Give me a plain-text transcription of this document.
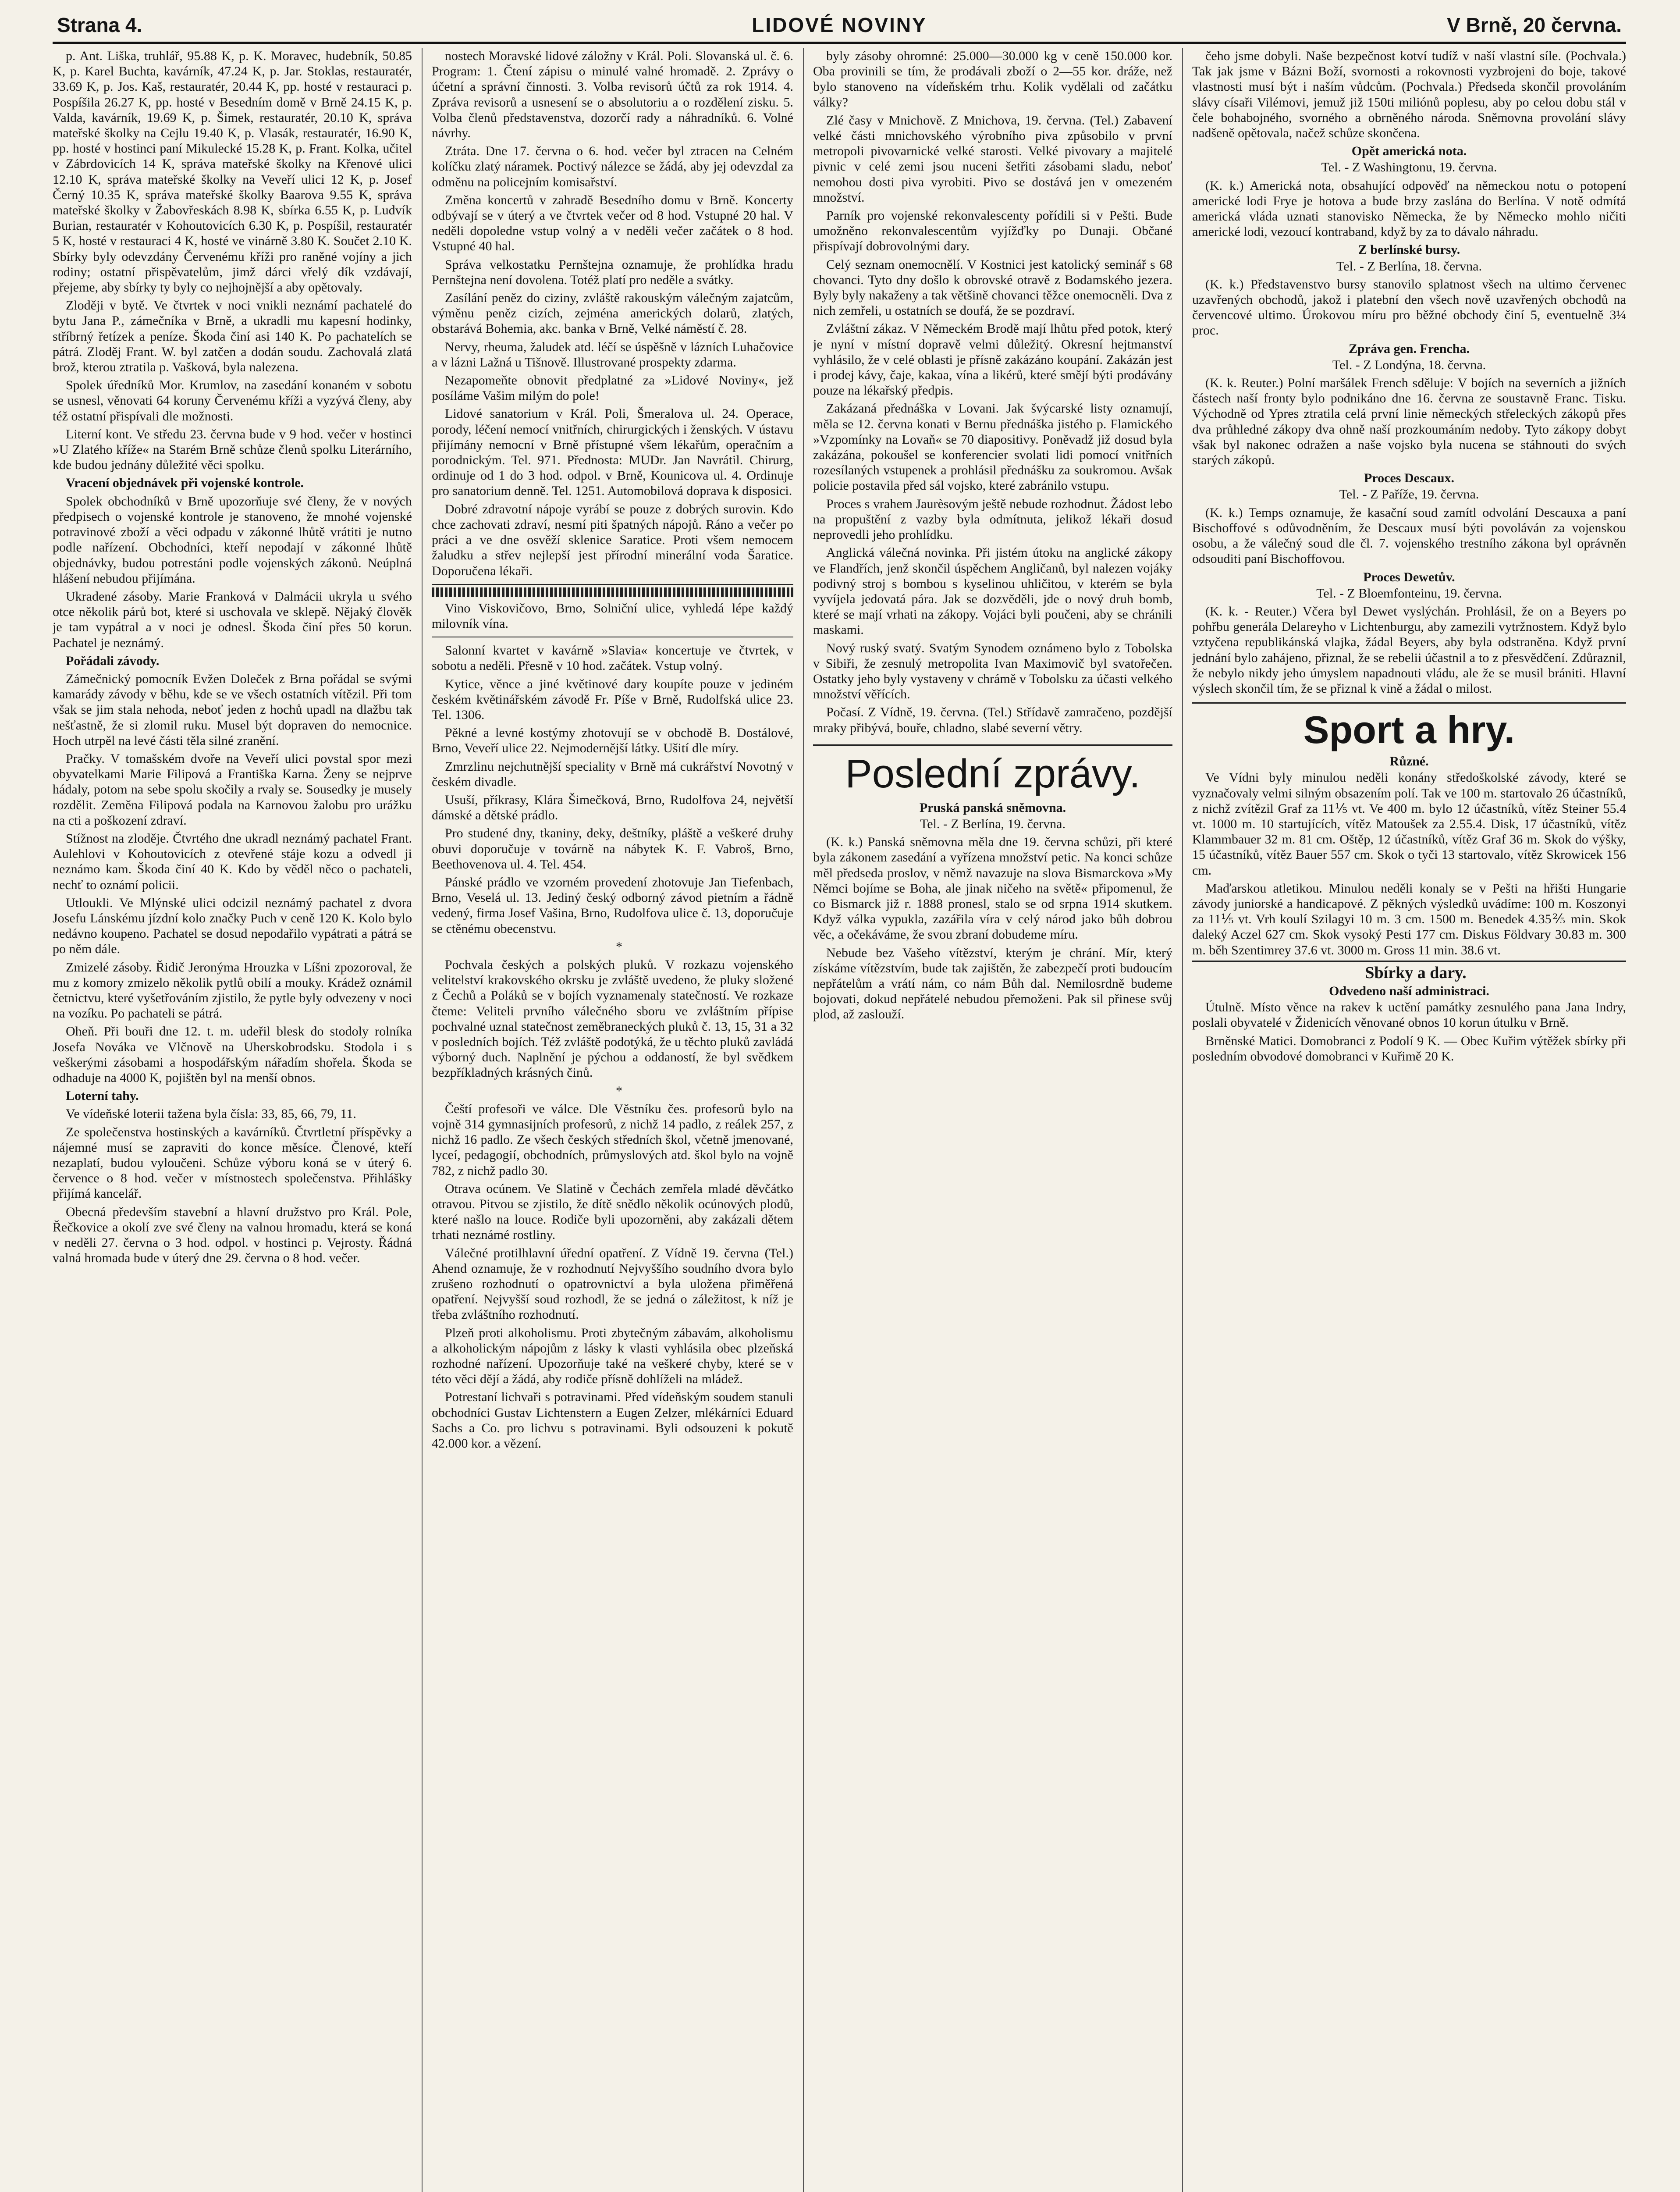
Strana 4.	LIDOVÉ NOVINY	V Brně, 20 června.

p. Ant. Liška, truhlář, 95.88 K, p. K. Moravec, hudebník, 50.85 K, p. Karel Buchta, kavárník, 47.24 K, p. Jar. Stoklas, restauratér, 33.69 K, p. Jos. Kaš, restauratér, 20.44 K, pp. hosté v restauraci p. Pospíšila 26.27 K, pp. hosté v Besedním domě v Brně 24.15 K, p. Valda, kavárník, 19.69 K, p. Šimek, restauratér, 20.10 K, správa mateřské školky na Cejlu 19.40 K, p. Vlasák, restauratér, 16.90 K, pp. hosté v hostinci paní Mikulecké 15.28 K, p. Frant. Kolka, učitel v Zábrdovicích 14 K, správa mateřské školky na Křenové ulici 12.10 K, správa mateřské školky na Veveří ulici 12 K, p. Josef Černý 10.35 K, správa mateřské školky Baarova 9.55 K, správa mateřské školky v Žabovřeskách 8.98 K, sbírka 6.55 K, p. Ludvík Burian, restauratér v Kohoutovicích 6.30 K, p. Pospíšil, restauratér 5 K, hosté v restauraci 4 K, hosté ve vinárně 3.80 K. Součet 2.10 K. Sbírky byly odevzdány Červenému kříži pro raněné vojíny a jich rodiny; ostatní přispěvatelům, jimž dárci vřelý dík vzdávají, přejeme, aby sbírky ty byly co nejhojnější a aby opětovaly.

Zloději v bytě. Ve čtvrtek v noci vnikli neznámí pachatelé do bytu Jana P., zámečníka v Brně, a ukradli mu kapesní hodinky, stříbrný řetízek a peníze. Škoda činí asi 140 K. Po pachatelích se pátrá. Zloděj Frant. W. byl zatčen a dodán soudu. Zachovalá zlatá brož, kterou ztratila p. Vašková, byla nalezena.

Spolek úředníků Mor. Krumlov, na zasedání konaném v sobotu se usnesl, věnovati 64 koruny Červenému kříži a vyzývá členy, aby též ostatní přispívali dle možnosti.

Literní kont. Ve středu 23. června bude v 9 hod. večer v hostinci »U Zlatého kříže« na Starém Brně schůze členů spolku Literárního, kde budou jednány důležité věci spolku.

Vracení objednávek při vojenské kontrole.

Spolek obchodníků v Brně upozorňuje své členy, že v nových předpisech o vojenské kontrole je stanoveno, že mnohé vojenské potravinové zboží a věci odpadu v zákonné lhůtě vrátiti je nutno podle nařízení. Obchodníci, kteří nepodají v zákonné lhůtě objednávky, budou potrestáni podle vojenských zákonů. Neúplná hlášení nebudou přijímána.

Ukradené zásoby. Marie Franková v Dalmácii ukryla u svého otce několik párů bot, které si uschovala ve sklepě. Nějaký člověk je tam vypátral a v noci je odnesl. Škoda činí přes 50 korun. Pachatel je neznámý.

Pořádali závody.

Zámečnický pomocník Evžen Doleček z Brna pořádal se svými kamarády závody v běhu, kde se ve všech ostatních vítězil. Při tom však se jim stala nehoda, neboť jeden z hochů upadl na dlažbu tak nešťastně, že si zlomil ruku. Musel být dopraven do nemocnice. Hoch utrpěl na levé části těla silné zranění.

Pračky. V tomašském dvoře na Veveří ulici povstal spor mezi obyvatelkami Marie Filipová a Františka Karna. Ženy se nejprve hádaly, potom na sebe spolu skočily a rvaly se. Sousedky je musely rozdělit. Zeměna Filipová podala na Karnovou žalobu pro urážku na cti a poškození zdraví.

Stížnost na zloděje. Čtvrtého dne ukradl neznámý pachatel Frant. Aulehlovi v Kohoutovicích z otevřené stáje kozu a odvedl ji neznámo kam. Škoda činí 40 K. Kdo by věděl něco o pachateli, nechť to oznámí policii.

Utloukli. Ve Mlýnské ulici odcizil neznámý pachatel z dvora Josefu Lánskému jízdní kolo značky Puch v ceně 120 K. Kolo bylo nedávno koupeno. Pachatel se dosud nepodařilo vypátrati a pátrá se po něm dále.

Zmizelé zásoby. Řidič Jeronýma Hrouzka v Líšni zpozoroval, že mu z komory zmizelo několik pytlů obilí a mouky. Krádež oznámil četnictvu, které vyšetřováním zjistilo, že pytle byly odvezeny v noci na vozíku. Po pachateli se pátrá.

Oheň. Při bouři dne 12. t. m. udeřil blesk do stodoly rolníka Josefa Nováka ve Vlčnově na Uherskobrodsku. Stodola i s veškerými zásobami a hospodářským nářadím shořela. Škoda se odhaduje na 4000 K, pojištěn byl na menší obnos.

Loterní tahy.

Ve vídeňské loterii tažena byla čísla: 33, 85, 66, 79, 11.

Ze společenstva hostinských a kavárníků. Čtvrtletní příspěvky a nájemné musí se zapraviti do konce měsíce. Členové, kteří nezaplatí, budou vyloučeni. Schůze výboru koná se v úterý 6. července o 8 hod. večer v místnostech společenstva. Přihlášky přijímá kancelář.

Obecná především stavební a hlavní družstvo pro Král. Pole, Řečkovice a okolí zve své členy na valnou hromadu, která se koná v neděli 27. června o 3 hod. odpol. v hostinci p. Vejrosty. Řádná valná hromada bude v úterý dne 29. června o 8 hod. večer.

nostech Moravské lidové záložny v Král. Poli. Slovanská ul. č. 6. Program: 1. Čtení zápisu o minulé valné hromadě. 2. Zprávy o účetní a správní činnosti. 3. Volba revisorů účtů za rok 1914. 4. Zpráva revisorů a usnesení se o absolutoriu a o rozdělení zisku. 5. Volba členů představenstva, dozorčí rady a náhradníků. 6. Volné návrhy.

Ztráta. Dne 17. června o 6. hod. večer byl ztracen na Celném kolíčku zlatý náramek. Poctivý nálezce se žádá, aby jej odevzdal za odměnu na policejním komisařství.

Změna koncertů v zahradě Besedního domu v Brně. Koncerty odbývají se v úterý a ve čtvrtek večer od 8 hod. Vstupné 20 hal. V neděli dopoledne vstup volný a v neděli večer začátek o 8 hod. Vstupné 40 hal.

Správa velkostatku Pernštejna oznamuje, že prohlídka hradu Pernštejna není dovolena. Totéž platí pro neděle a svátky.

Zasílání peněz do ciziny, zvláště rakouským válečným zajatcům, výměnu peněz cizích, zejména amerických dolarů, zlatých, obstarává Bohemia, akc. banka v Brně, Velké náměstí č. 28.

Nervy, rheuma, žaludek atd. léčí se úspěšně v lázních Luhačovice a v lázni Lažná u Tišnově. Illustrované prospekty zdarma.

Nezapomeňte obnovit předplatné za »Lidové Noviny«, jež posíláme Vašim milým do pole!

Lidové sanatorium v Král. Poli, Šmeralova ul. 24. Operace, porody, léčení nemocí vnitřních, chirurgických i ženských. V ústavu přijímány nemocní v Brně přístupné všem lékařům, operačním a porodnickým. Tel. 971. Přednosta: MUDr. Jan Navrátil. Chirurg, ordinuje od 1 do 3 hod. odpol. v Brně, Kounicova ul. 4. Ordinuje pro sanatorium denně. Tel. 1251. Automobilová doprava k disposici.

Dobré zdravotní nápoje vyrábí se pouze z dobrých surovin. Kdo chce zachovati zdraví, nesmí piti špatných nápojů. Ráno a večer po práci a ve dne osvěží sklenice Saratice. Proti všem nemocem žaludku a střev nejlepší jest přírodní minerální voda Šaratice. Doporučena lékaři.

Vino Viskovičovo, Brno, Solniční ulice, vyhledá lépe každý milovník vína.

Salonní kvartet v kavárně »Slavia« koncertuje ve čtvrtek, v sobotu a neděli. Přesně v 10 hod. začátek. Vstup volný.

Kytice, věnce a jiné květinové dary koupíte pouze v jediném českém květinářském závodě Fr. Píše v Brně, Rudolfská ulice 23. Tel. 1306.

Pěkné a levné kostýmy zhotovují se v obchodě B. Dostálové, Brno, Veveří ulice 22. Nejmodernější látky. Ušití dle míry.

Zmrzlinu nejchutnější speciality v Brně má cukrářství Novotný v českém divadle.

Usuší, příkrasy, Klára Šimečková, Brno, Rudolfova 24, největší dámské a dětské prádlo.

Pro studené dny, tkaniny, deky, deštníky, pláště a veškeré druhy obuvi doporučuje v továrně na nábytek K. F. Vabroš, Brno, Beethovenova ul. 4. Tel. 454.

Pánské prádlo ve vzorném provedení zhotovuje Jan Tiefenbach, Brno, Veselá ul. 13. Jediný český odborný závod pietním a řádně vedený, firma Josef Vašina, Brno, Rudolfova ulice č. 13, doporučuje se ctěnému obecenstvu.

*

Pochvala českých a polských pluků. V rozkazu vojenského velitelství krakovského okrsku je zvláště uvedeno, že pluky složené z Čechů a Poláků se v bojích vyznamenaly statečností. Ve rozkaze čteme: Veliteli prvního válečného sboru ve zvláštním přípise pochvalné uznal statečnost zeměbraneckých pluků č. 13, 15, 31 a 32 v posledních bojích. Též zvláště podotýká, že u těchto pluků zavládá výborný duch. Naplnění je pýchou a oddaností, že byl svědkem bezpříkladných krásných činů.

*

Čeští profesoři ve válce. Dle Věstníku čes. profesorů bylo na vojně 314 gymnasijních profesorů, z nichž 14 padlo, z reálek 257, z nichž 16 padlo. Ze všech českých středních škol, včetně jmenované, lyceí, pedagogií, obchodních, průmyslových atd. škol bylo na vojně 782, z nichž padlo 30.

Otrava ocúnem. Ve Slatině v Čechách zemřela mladé děvčátko otravou. Pitvou se zjistilo, že dítě snědlo několik ocúnových plodů, které našlo na louce. Rodiče byli upozorněni, aby zakázali dětem trhati neznámé rostliny.

Válečné protilhlavní úřední opatření. Z Vídně 19. června (Tel.) Ahend oznamuje, že v rozhodnutí Nejvyššího soudního dvora bylo zrušeno rozhodnutí o opatrovnictví a byla uložena přiměřená opatření. Nejvyšší soud rozhodl, že se jedná o záležitost, k níž je třeba zvláštního rozhodnutí.

Plzeň proti alkoholismu. Proti zbytečným zábavám, alkoholismu a alkoholickým nápojům z lásky k vlasti vyhlásila obec plzeňská rozhodné nařízení. Upozorňuje také na veškeré chyby, které se v této věci dějí a žádá, aby rodiče přísně dohlíželi na mládež.

Potrestaní lichvaři s potravinami. Před vídeňským soudem stanuli obchodníci Gustav Lichtenstern a Eugen Zelzer, mlékárníci Eduard Sachs a Co. pro lichvu s potravinami. Byli odsouzeni k pokutě 42.000 kor. a vězení.

byly zásoby ohromné: 25.000—30.000 kg v ceně 150.000 kor. Oba provinili se tím, že prodávali zboží o 2—55 kor. dráže, než bylo stanoveno na vídeňském trhu. Kolik vydělali od začátku války?

Zlé časy v Mnichově. Z Mnichova, 19. června. (Tel.) Zabavení velké části mnichovského výrobního piva způsobilo v první metropoli pivovarnické velké starosti. Velké pivovary a majitelé pivnic v celé zemi jsou nuceni šetřiti zásobami sladu, neboť nemohou dosti piva vyrobiti. Pivo se dostává jen v omezeném množství.

Parník pro vojenské rekonvalescenty pořídili si v Pešti. Bude umožněno rekonvalescentům vyjížďky po Dunaji. Občané přispívají dobrovolnými dary.

Celý seznam onemocnělí. V Kostnici jest katolický seminář s 68 chovanci. Tyto dny došlo k obrovské otravě z Bodamského jezera. Byly byly nakaženy a tak většině chovanci těžce onemocněli. Dva z nich zemřeli, u ostatních se doufá, že se pozdraví.

Zvláštní zákaz. V Německém Brodě mají lhůtu před potok, který je nyní v místní dopravě velmi důležitý. Okresní hejtmanství vyhlásilo, že v celé oblasti je přísně zakázáno koupání. Zakázán jest i prodej kávy, čaje, kakaa, vína a likérů, které smějí býti prodávány pouze na lékařský předpis.

Zakázaná přednáška v Lovani. Jak švýcarské listy oznamují, měla se 12. června konati v Bernu přednáška jistého p. Flamického »Vzpomínky na Lovaň« se 70 diapositivy. Poněvadž již dosud byla zakázána, pokoušel se konferencier svolati lidi pomocí vnitřních rozesílaných vstupenek a prohlásil přednášku za soukromou. Avšak policie postavila před sál vojsko, které zabránilo vstupu.

Proces s vrahem Jaurèsovým ještě nebude rozhodnut. Žádost lebo na propuštění z vazby byla odmítnuta, jelikož lékaři dosud neprovedli jeho prohlídku.

Anglická válečná novinka. Při jistém útoku na anglické zákopy ve Flandřích, jenž skončil úspěchem Angličanů, byl nalezen vojáky podivný stroj s bombou s kyselinou uhličitou, v kterém se byla vyvíjela jedovatá pára. Jak se dozvěděli, jde o nový druh bomb, které se mají vrhati na zákopy. Vojáci byli poučeni, aby se chránili maskami.

Nový ruský svatý. Svatým Synodem oznámeno bylo z Tobolska v Sibiři, že zesnulý metropolita Ivan Maximovič byl svatořečen. Ostatky jeho byly vystaveny v chrámě v Tobolsku za účasti velkého množství věřících.

Počasí. Z Vídně, 19. června. (Tel.) Střídavě zamračeno, pozdější mraky přibývá, bouře, chladno, slabé severní větry.

Poslední zprávy.

Pruská panská sněmovna.

Tel. - Z Berlína, 19. června.

(K. k.) Panská sněmovna měla dne 19. června schůzi, při které byla zákonem zasedání a vyřízena množství petic. Na konci schůze měl předseda proslov, v němž navazuje na slova Bismarckova »My Němci bojíme se Boha, ale jinak ničeho na světě« připomenul, že co Bismarck již r. 1888 pronesl, stalo se od srpna 1914 skutkem. Když válka vypukla, zazářila víra v celý národ jako bůh dobrou věc, a očekáváme, že svou zbraní dobudeme míru.

Nebude bez Vašeho vítězství, kterým je chrání. Mír, který získáme vítězstvím, bude tak zajištěn, že zabezpečí proti budoucím nepřátelům a vrátí nám, co nám Bůh dal. Nemilosrdně budeme bojovati, dokud nepřátelé nebudou přemoženi. Pak sil přinese svůj plod, až zaslouží.

čeho jsme dobyli. Naše bezpečnost kotví tudíž v naší vlastní síle. (Pochvala.) Tak jak jsme v Bázni Boží, svornosti a rokovnosti vyzbrojeni do boje, takové vlastnosti musí být i naším vůdcům. (Pochvala.) Předseda skončil provoláním slávy císaři Vilémovi, jemuž již 150ti miliónů poplesu, aby po celou dobu stál v čele bohabojného, svorného a obrněného národa. Sněmovna provolání slávy nadšeně opětovala, načež schůze skončena.

Opět americká nota.

Tel. - Z Washingtonu, 19. června.

(K. k.) Americká nota, obsahující odpověď na německou notu o potopení americké lodi Frye je hotova a bude brzy zaslána do Berlína. V notě odmítá americká vláda uznati stanovisko Německa, že by Německo mohlo ničiti americké lodi, vezoucí kontraband, když by za to dávalo náhradu.

Z berlínské bursy.

Tel. - Z Berlína, 18. června.

(K. k.) Představenstvo bursy stanovilo splatnost všech na ultimo červenec uzavřených obchodů, jakož i platební den všech nově uzavřených obchodů na červencové ultimo. Úrokovou míru pro běžné obchody činí 5, eventuelně 3¼ proc.

Zpráva gen. Frencha.

Tel. - Z Londýna, 18. června.

(K. k. Reuter.) Polní maršálek French sděluje: V bojích na severních a jižních částech naší fronty bylo podnikáno dne 16. června ze soustavně Franc. Tisku. Východně od Ypres ztratila celá první linie německých střeleckých zákopů přes dva průhledné zákopy dva ohně naší prozkoumáním nedoby. Tyto zákopy dobyt však byl nakonec odražen a naše vojsko byla nucena se stáhnouti do svých starých zákopů.

Proces Descaux.

Tel. - Z Paříže, 19. června.

(K. k.) Temps oznamuje, že kasační soud zamítl odvolání Descauxa a paní Bischoffové s odůvodněním, že Descaux musí býti povoláván za vojenskou osobu, a že válečný soud dle čl. 7. vojenského trestního zákona byl oprávněn odsouditi paní Bischoffovou.

Proces Dewetův.

Tel. - Z Bloemfonteinu, 19. června.

(K. k. - Reuter.) Včera byl Dewet vyslýchán. Prohlásil, že on a Beyers po pohřbu generála Delareyho v Lichtenburgu, aby zamezili vytržnostem. Když bylo vztyčena republikánská vlajka, žádal Beyers, aby byla odstraněna. Když první jednání bylo zahájeno, přiznal, že se rebelii účastnil a to z přesvědčení. Zdůraznil, že nebylo nikdy jeho úmyslem napadnouti vládu, ale že se musil brániti. Hlavní výslech skončil tím, že se přiznal k vině a žádal o milost.

Sport a hry.

Různé.

Ve Vídni byly minulou neděli konány středoškolské závody, které se vyznačovaly velmi silným obsazením polí. Tak ve 100 m. startovalo 26 účastníků, z nichž zvítězil Graf za 11⅕ vt. Ve 400 m. bylo 12 účastníků, vítěz Steiner 55.4 vt. 1000 m. 10 startujících, vítěz Matoušek za 2.55.4. Disk, 17 účastníků, vítěz Klammbauer 32 m. 81 cm. Oštěp, 12 účastníků, vítěz Graf 36 m. Skok do výšky, 15 účastníků, vítěz Bauer 557 cm. Skok o tyči 13 startovalo, vítěz Skrowicek 156 cm.

Maďarskou atletikou. Minulou neděli konaly se v Pešti na hřišti Hungarie závody juniorské a handicapové. Z pěkných výsledků uvádíme: 100 m. Koszonyi za 11⅕ vt. Vrh koulí Szilagyi 10 m. 3 cm. 1500 m. Benedek 4.35⅖ min. Skok daleký Aczel 627 cm. Skok vysoký Pesti 177 cm. Diskus Földvary 30.83 m. 300 m. běh Szentimrey 37.6 vt. 3000 m. Gross 11 min. 38.6 vt.

Sbírky a dary.

Odvedeno naší administraci.

Útulně. Místo věnce na rakev k uctění památky zesnulého pana Jana Indry, poslali obyvatelé v Židenicích věnované obnos 10 korun útulku v Brně.

Brněnské Matici. Domobranci z Podolí 9 K. — Obec Kuřim výtěžek sbírky při posledním obvodové domobranci v Kuřimě 20 K.
